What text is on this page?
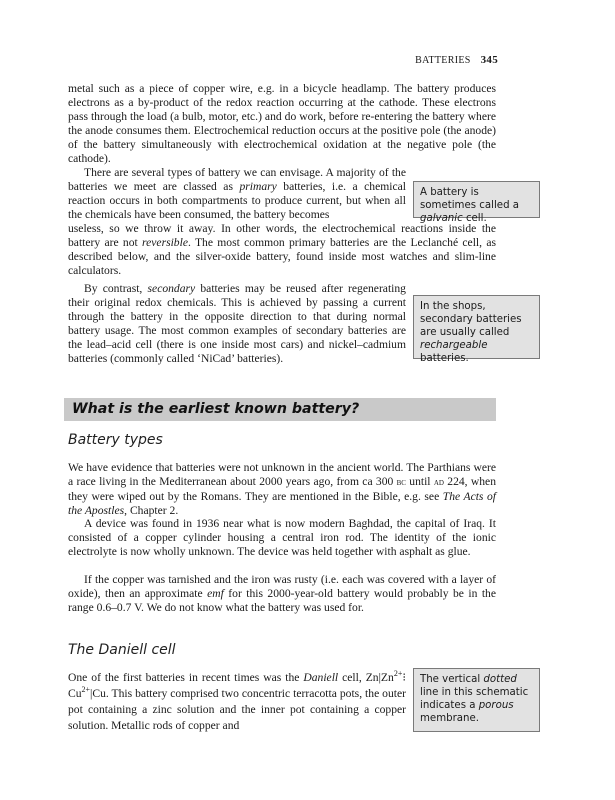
BATTERIES 345

metal such as a piece of copper wire, e.g. in a bicycle headlamp. The battery produces electrons as a by-product of the redox reaction occurring at the cathode. These electrons pass through the load (a bulb, motor, etc.) and do work, before re-entering the battery where the anode consumes them. Electrochemical reduction occurs at the positive pole (the anode) of the battery simultaneously with electrochemical oxidation at the negative pole (the cathode).

There are several types of battery we can envisage. A majority of the batteries we meet are classed as primary batteries, i.e. a chemical reaction occurs in both compartments to produce current, but when all the chemicals have been consumed, the battery becomes

useless, so we throw it away. In other words, the electrochemical reactions inside the battery are not reversible. The most common primary batteries are the Leclanché cell, as described below, and the silver-oxide battery, found inside most watches and slim-line calculators.

By contrast, secondary batteries may be reused after regenerating their original redox chemicals. This is achieved by passing a current through the battery in the opposite direction to that during normal battery usage. The most common examples of secondary batteries are the lead–acid cell (there is one inside most cars) and nickel–cadmium batteries (commonly called ‘NiCad’ batteries).

A battery is sometimes called a galvanic cell.
In the shops, secondary batteries are usually called rechargeable batteries.
What is the earliest known battery?
Battery types

We have evidence that batteries were not unknown in the ancient world. The Parthians were a race living in the Mediterranean about 2000 years ago, from ca 300 bc until ad 224, when they were wiped out by the Romans. They are mentioned in the Bible, e.g. see The Acts of the Apostles, Chapter 2.

A device was found in 1936 near what is now modern Baghdad, the capital of Iraq. It consisted of a copper cylinder housing a central iron rod. The identity of the ionic electrolyte is now wholly unknown. The device was held together with asphalt as glue.

If the copper was tarnished and the iron was rusty (i.e. each was covered with a layer of oxide), then an approximate emf for this 2000-year-old battery would probably be in the range 0.6–0.7 V. We do not know what the battery was used for.

The Daniell cell

One of the first batteries in recent times was the Daniell cell, $Zn|Zn^{2+}⁝Cu^{2+}|Cu$. This battery comprised two concentric terracotta pots, the outer pot containing a zinc solution and the inner pot containing a copper solution. Metallic rods of copper and

The vertical dotted line in this schematic indicates a porous membrane.
